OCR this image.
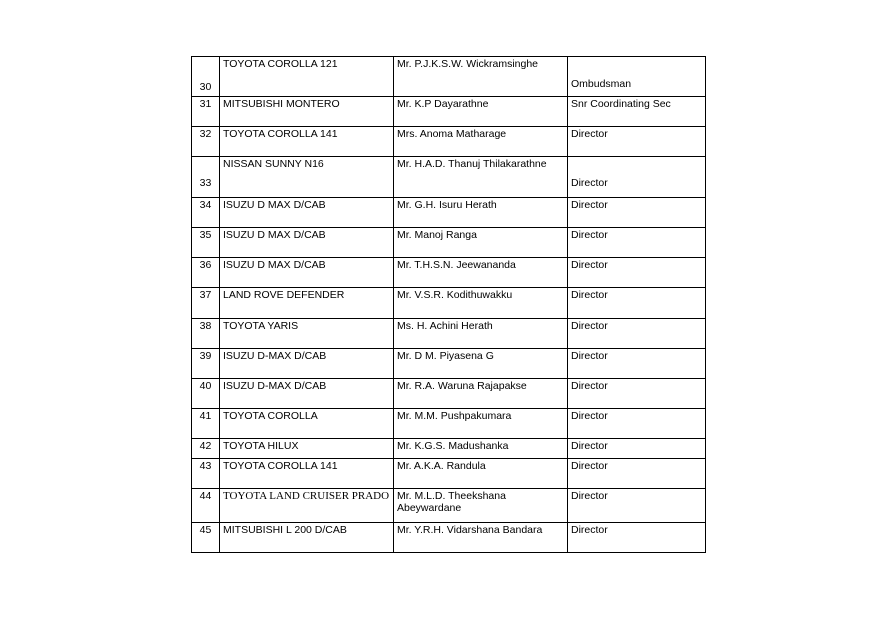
30	TOYOTA COROLLA 121	Mr. P.J.K.S.W. Wickramsinghe	Ombudsman
31	MITSUBISHI MONTERO	Mr. K.P Dayarathne	Snr Coordinating Sec
32	TOYOTA COROLLA 141	Mrs. Anoma Matharage	Director
33	NISSAN SUNNY N16	Mr. H.A.D. Thanuj Thilakarathne	Director
34	ISUZU D MAX D/CAB	Mr. G.H. Isuru Herath	Director
35	ISUZU D MAX D/CAB	Mr. Manoj Ranga	Director
36	ISUZU D MAX D/CAB	Mr. T.H.S.N. Jeewananda	Director
37	LAND ROVE DEFENDER	Mr. V.S.R. Kodithuwakku	Director
38	TOYOTA YARIS	Ms. H. Achini Herath	Director
39	ISUZU D-MAX D/CAB	Mr. D M. Piyasena G	Director
40	ISUZU D-MAX D/CAB	Mr. R.A. Waruna Rajapakse	Director
41	TOYOTA COROLLA	Mr. M.M. Pushpakumara	Director
42	TOYOTA HILUX	Mr. K.G.S. Madushanka	Director
43	TOYOTA COROLLA 141	Mr. A.K.A. Randula	Director
44	TOYOTA LAND CRUISER PRADO	Mr. M.L.D. Theekshana Abeywardane	Director
45	MITSUBISHI L 200 D/CAB	Mr. Y.R.H. Vidarshana Bandara	Director
